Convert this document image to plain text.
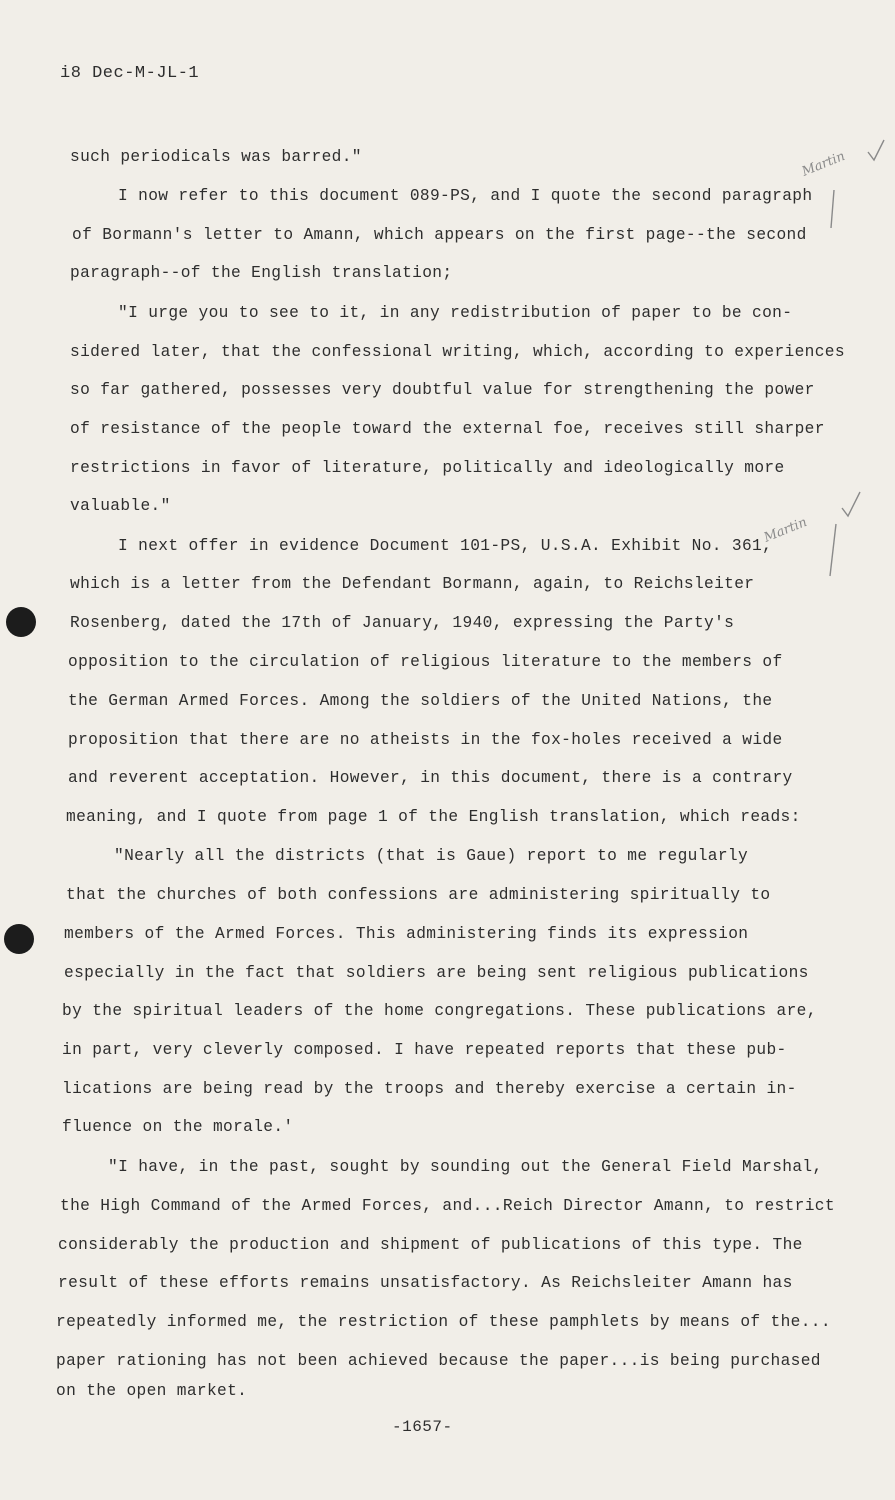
i8 Dec-M-JL-1
such periodicals was barred."
I now refer to this document 089-PS, and I quote the second paragraph
of Bormann's letter to Amann, which appears on the first page--the second
paragraph--of the English translation;
"I urge you to see to it, in any redistribution of paper to be con-
sidered later, that the confessional writing, which, according to experiences
so far gathered, possesses very doubtful value for strengthening the power
of resistance of the people toward the external foe, receives still sharper
restrictions in favor of literature, politically and ideologically more
valuable."
I next offer in evidence Document 101-PS, U.S.A. Exhibit No. 361,
which is a letter from the Defendant Bormann, again, to Reichsleiter
Rosenberg, dated the 17th of January, 1940, expressing the Party's
opposition to the circulation of religious literature to the members of
the German Armed Forces. Among the soldiers of the United Nations, the
proposition that there are no atheists in the fox-holes received a wide
and reverent acceptation. However, in this document, there is a contrary
meaning, and I quote from page 1 of the English translation, which reads:
"Nearly all the districts (that is Gaue) report to me regularly
that the churches of both confessions are administering spiritually to
members of the Armed Forces. This administering finds its expression
especially in the fact that soldiers are being sent religious publications
by the spiritual leaders of the home congregations. These publications are,
in part, very cleverly composed. I have repeated reports that these pub-
lications are being read by the troops and thereby exercise a certain in-
fluence on the morale.'
"I have, in the past, sought by sounding out the General Field Marshal,
the High Command of the Armed Forces, and...Reich Director Amann, to restrict
considerably the production and shipment of publications of this type. The
result of these efforts remains unsatisfactory. As Reichsleiter Amann has
repeatedly informed me, the restriction of these pamphlets by means of the...
paper rationing has not been achieved because the paper...is being purchased
on the open market.
-1657-
Martin
Martin
